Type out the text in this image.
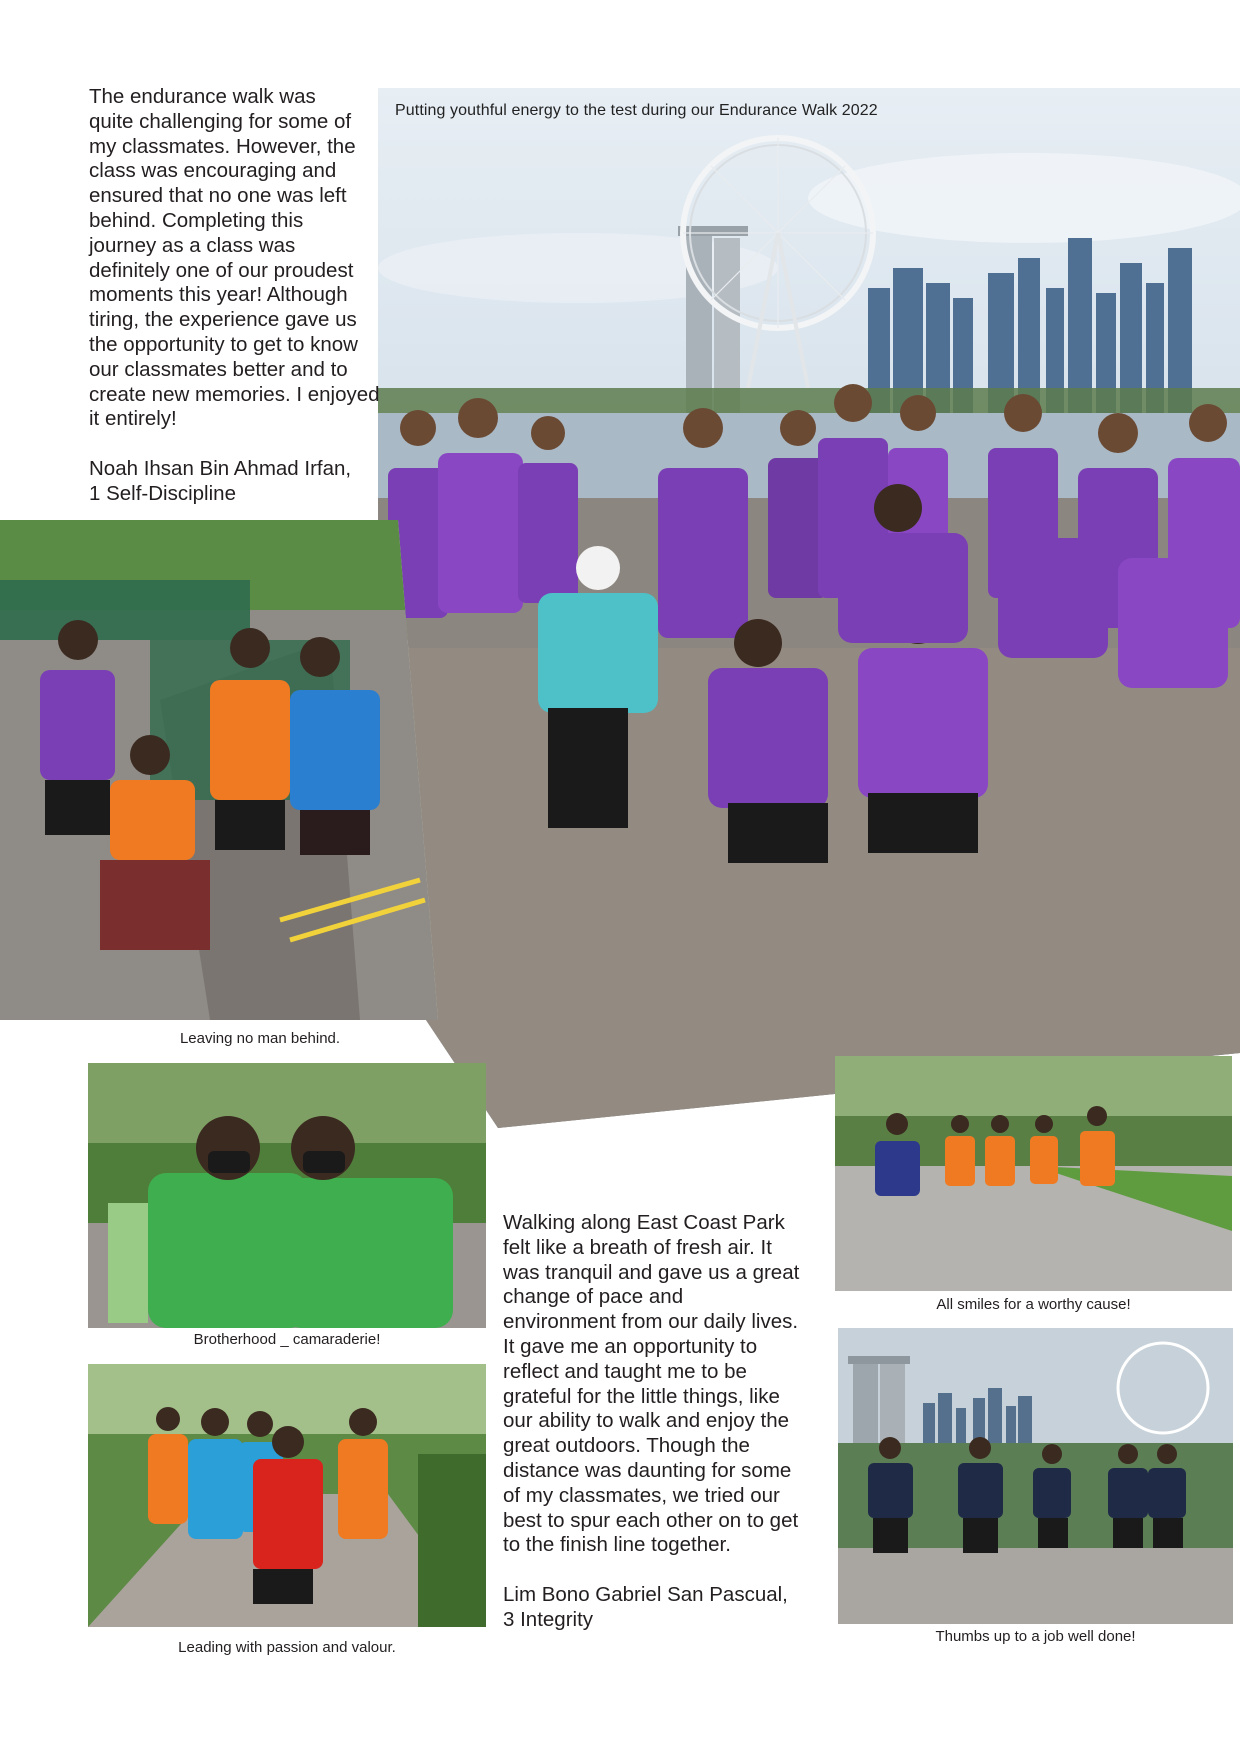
Putting youthful energy to the test during our Endurance Walk 2022
The endurance walk was
quite challenging for some of
my classmates. However, the
class was encouraging and
ensured that no one was left
behind. Completing this
journey as a class was
definitely one of our proudest
moments this year! Although
tiring, the experience gave us
the opportunity to get to know
our classmates better and to
create new memories. I enjoyed
it entirely!
Noah Ihsan Bin Ahmad Irfan,
1 Self-Discipline
Leaving no man behind.
Brotherhood _ camaraderie!
Leading with passion and valour.
Walking along East Coast Park
felt like a breath of fresh air. It
was tranquil and gave us a great
change of pace and
environment from our daily lives.
It gave me an opportunity to
reflect and taught me to be
grateful for the little things, like
our ability to walk and enjoy the
great outdoors. Though the
distance was daunting for some
of my classmates, we tried our
best to spur each other on to get
to the finish line together.
Lim Bono Gabriel San Pascual,
3 Integrity
All smiles for a worthy cause!
Thumbs up to a job well done!
